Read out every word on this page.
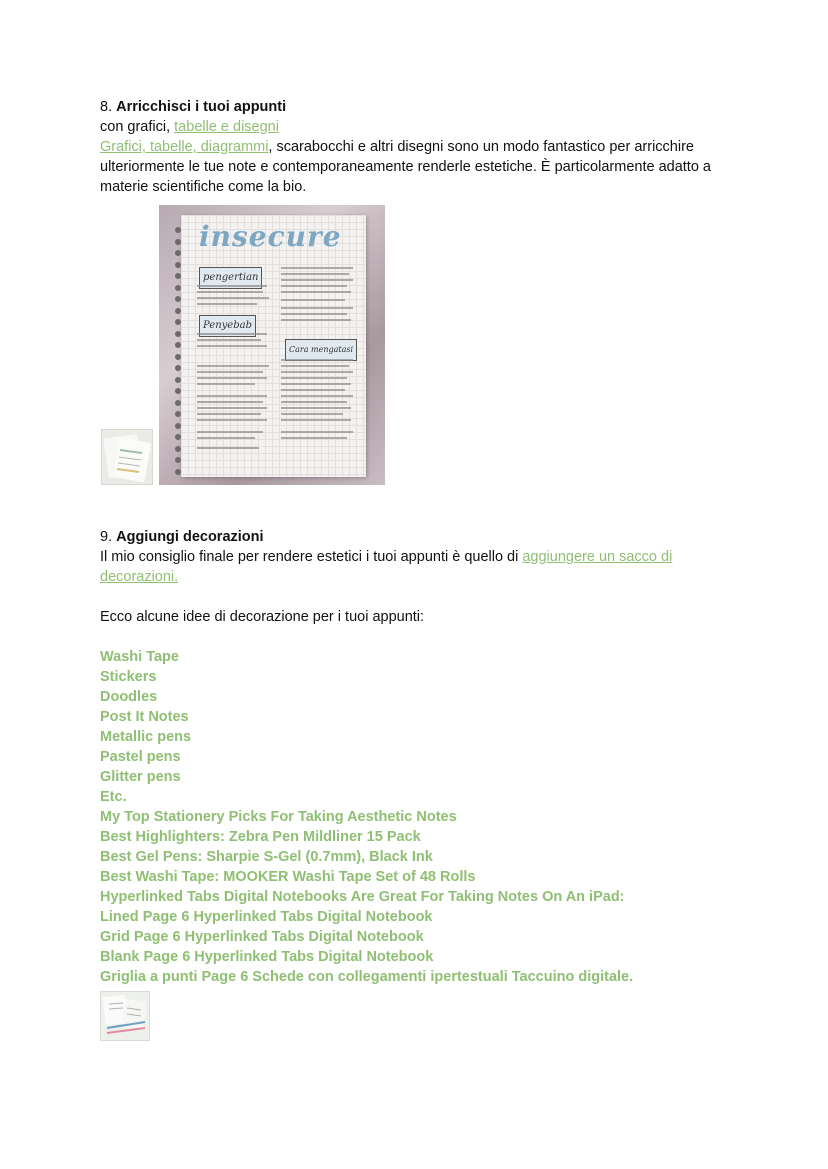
8. Arricchisci i tuoi appunti

con grafici, tabelle e disegni

Grafici, tabelle, diagrammi, scarabocchi e altri disegni sono un modo fantastico per arricchire ulteriormente le tue note e contemporaneamente renderle estetiche. È particolarmente adatto a materie scientifiche come la bio.

insecure
pengertian
Penyebab
Cara mengatasi
9. Aggiungi decorazioni

Il mio consiglio finale per rendere estetici i tuoi appunti è quello di aggiungere un sacco di decorazioni.

Ecco alcune idee di decorazione per i tuoi appunti:

Washi Tape
Stickers
Doodles
Post It Notes
Metallic pens
Pastel pens
Glitter pens
Etc.
My Top Stationery Picks For Taking Aesthetic Notes
Best Highlighters: Zebra Pen Mildliner 15 Pack
Best Gel Pens: Sharpie S-Gel (0.7mm), Black Ink
Best Washi Tape: MOOKER Washi Tape Set of 48 Rolls
Hyperlinked Tabs Digital Notebooks Are Great For Taking Notes On An iPad:
Lined Page 6 Hyperlinked Tabs Digital Notebook
Grid Page 6 Hyperlinked Tabs Digital Notebook
Blank Page 6 Hyperlinked Tabs Digital Notebook
Griglia a punti Page 6 Schede con collegamenti ipertestuali Taccuino digitale.
